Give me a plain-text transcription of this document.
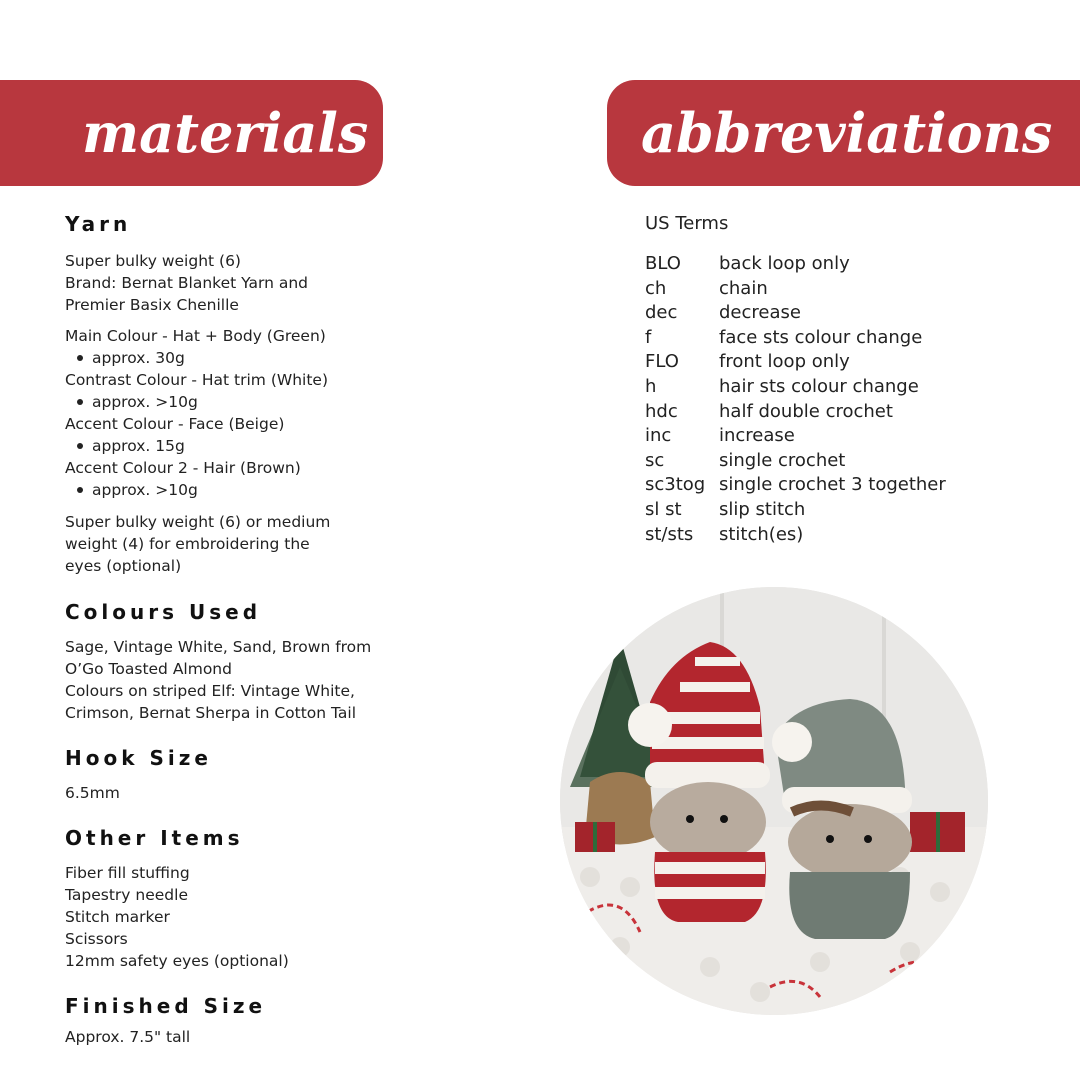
materials	abbreviations
Yarn

Super bulky weight (6)

Brand: Bernat Blanket Yarn and

Premier Basix Chenille

Main Colour - Hat + Body (Green)

approx. 30g

Contrast Colour - Hat trim (White)

approx. >10g

Accent Colour - Face (Beige)

approx. 15g

Accent Colour 2 - Hair (Brown)

approx. >10g

Super bulky weight (6) or medium

weight (4) for embroidering the

eyes (optional)

Colours Used

Sage, Vintage White, Sand, Brown from

O’Go Toasted Almond

Colours on striped Elf: Vintage White,

Crimson, Bernat Sherpa in Cotton Tail

Hook Size

6.5mm

Other Items

Fiber fill stuffing

Tapestry needle

Stitch marker

Scissors

12mm safety eyes (optional)

Finished Size

Approx. 7.5" tall

US Terms

BLO	back loop only
ch	chain
dec	decrease
f	face sts colour change
FLO	front loop only
h	hair sts colour change
hdc	half double crochet
inc	increase
sc	single crochet
sc3tog single crochet 3 together
sl st	slip stitch
st/sts	stitch(es)
